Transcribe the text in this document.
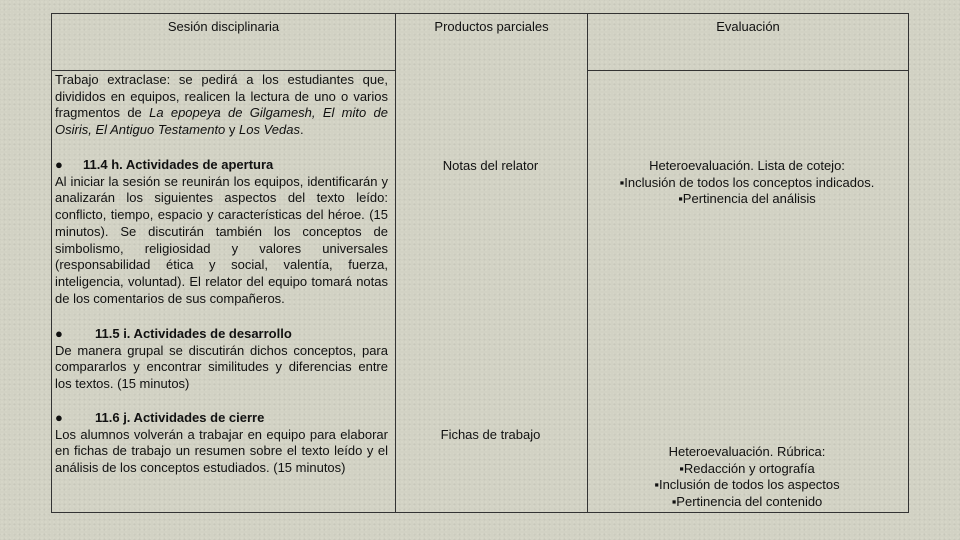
Sesión disciplinaria	Productos parciales	Evaluación
Trabajo extraclase: se pedirá a los estudiantes que, divididos en equipos, realicen la lectura de uno o varios fragmentos de La epopeya de Gilgamesh, El mito de Osiris, El Antiguo Testamento y Los Vedas.

● 11.4 h. Actividades de apertura

Al iniciar la sesión se reunirán los equipos, identificarán y analizarán los siguientes aspectos del texto leído: conflicto, tiempo, espacio y características del héroe. (15 minutos). Se discutirán también los conceptos de simbolismo, religiosidad y valores universales (responsabilidad ética y social, valentía, fuerza, inteligencia, voluntad). El relator del equipo tomará notas de los comentarios de sus compañeros.

● 11.5 i. Actividades de desarrollo

De manera grupal se discutirán dichos conceptos, para compararlos y encontrar similitudes y diferencias entre los textos. (15 minutos)

● 11.6 j. Actividades de cierre

Los alumnos volverán a trabajar en equipo para elaborar en fichas de trabajo un resumen sobre el texto leído y el análisis de los conceptos estudiados. (15 minutos)

Notas del relator
Fichas de trabajo

Heteroevaluación. Lista de cotejo:

▪Inclusión de todos los conceptos indicados.

▪Pertinencia del análisis

Heteroevaluación. Rúbrica:

▪Redacción y ortografía

▪Inclusión de todos los aspectos

▪Pertinencia del contenido
